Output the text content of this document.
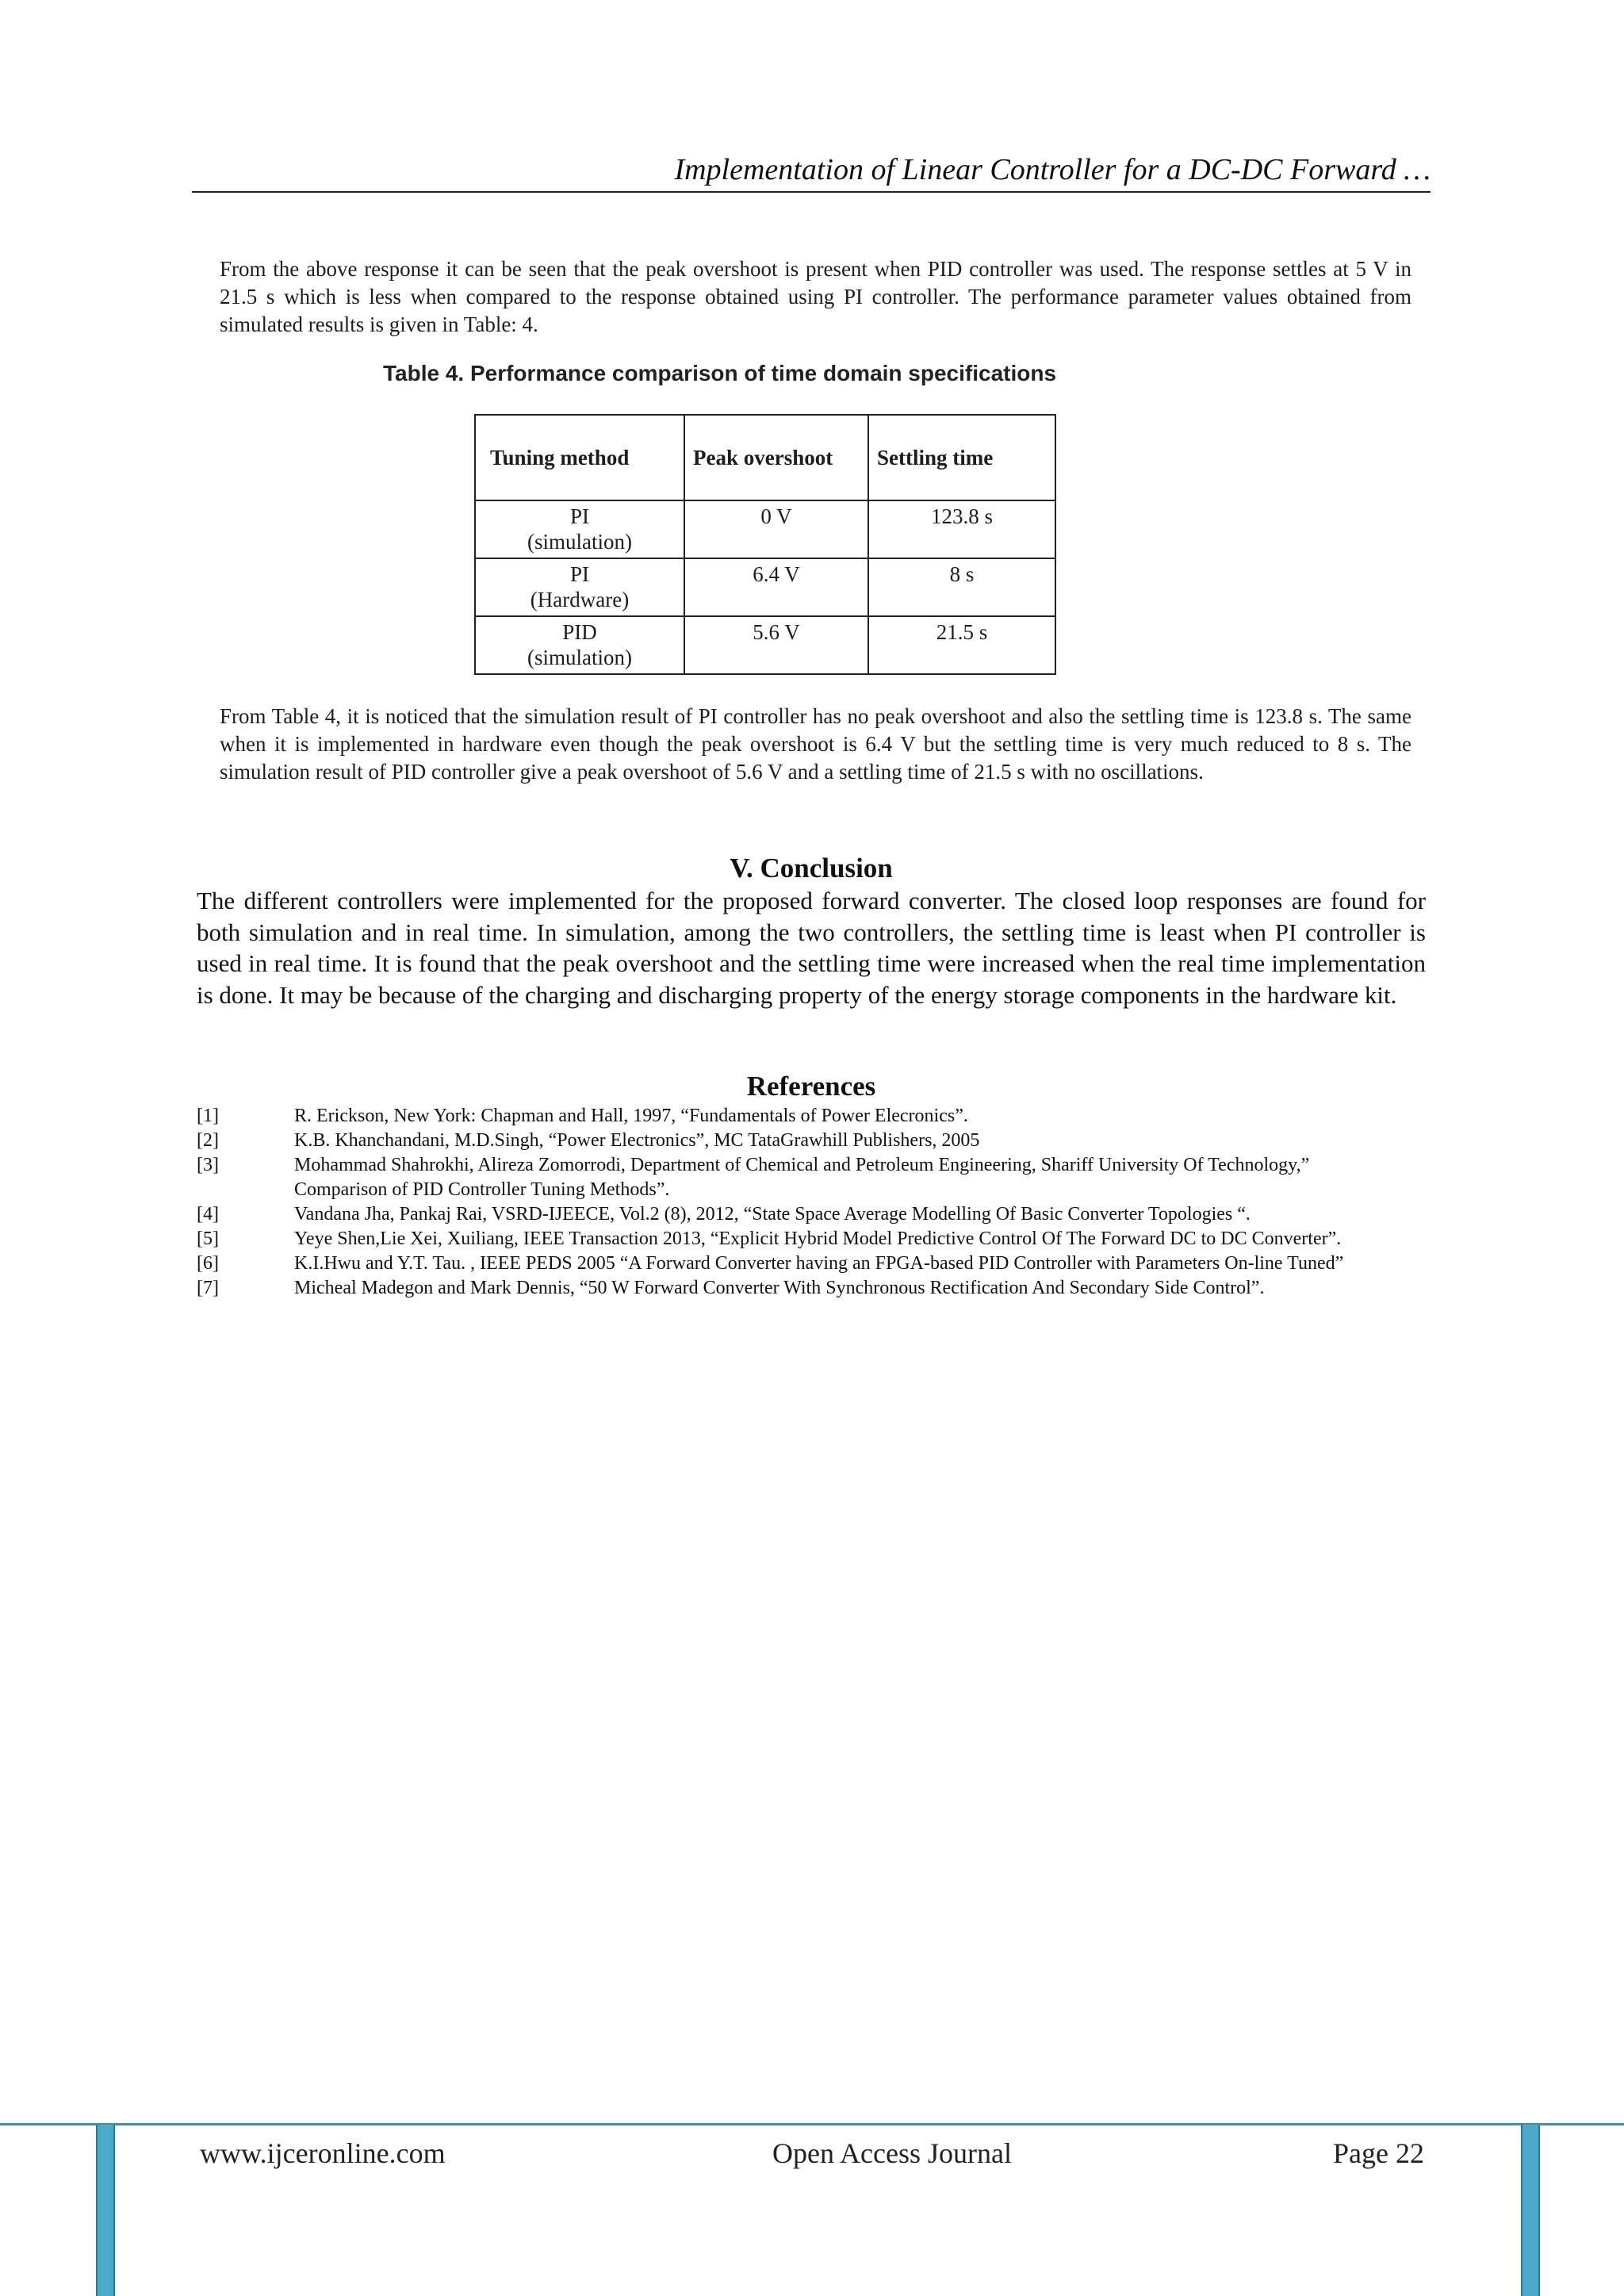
Implementation of Linear Controller for a DC-DC Forward …
From the above response it can be seen that the peak overshoot is present when PID controller was used. The response settles at 5 V in 21.5 s which is less when compared to the response obtained using PI controller. The performance parameter values obtained from simulated results is given in Table: 4.
Table 4. Performance comparison of time domain specifications
Tuning method	Peak overshoot	Settling time
PI
(simulation)	0 V	123.8 s
PI
(Hardware)	6.4 V	8 s
PID
(simulation)	5.6 V	21.5 s
From Table 4, it is noticed that the simulation result of PI controller has no peak overshoot and also the settling time is 123.8 s. The same when it is implemented in hardware even though the peak overshoot is 6.4 V but the settling time is very much reduced to 8 s. The simulation result of PID controller give a peak overshoot of 5.6 V and a settling time of 21.5 s with no oscillations.
V. Conclusion
The different controllers were implemented for the proposed forward converter. The closed loop responses are found for both simulation and in real time. In simulation, among the two controllers, the settling time is least when PI controller is used in real time. It is found that the peak overshoot and the settling time were increased when the real time implementation is done. It may be because of the charging and discharging property of the energy storage components in the hardware kit.
References
[1]	R. Erickson, New York: Chapman and Hall, 1997, “Fundamentals of Power Elecronics”.
[2]	K.B. Khanchandani, M.D.Singh, “Power Electronics”, MC TataGrawhill Publishers, 2005
[3]	Mohammad Shahrokhi, Alireza Zomorrodi, Department of Chemical and Petroleum Engineering, Shariff University Of Technology,” Comparison of PID Controller Tuning Methods”.
[4]	Vandana Jha, Pankaj Rai, VSRD-IJEECE, Vol.2 (8), 2012, “State Space Average Modelling Of Basic Converter Topologies “.
[5]	Yeye Shen,Lie Xei, Xuiliang, IEEE Transaction 2013, “Explicit Hybrid Model Predictive Control Of The Forward DC to DC Converter”.
[6]	K.I.Hwu and Y.T. Tau. , IEEE PEDS 2005 “A Forward Converter having an FPGA-based PID Controller with Parameters On-line Tuned”
[7]	Micheal Madegon and Mark Dennis, “50 W Forward Converter With Synchronous Rectification And Secondary Side Control”.
www.ijceronline.com	Open Access Journal	Page 22
